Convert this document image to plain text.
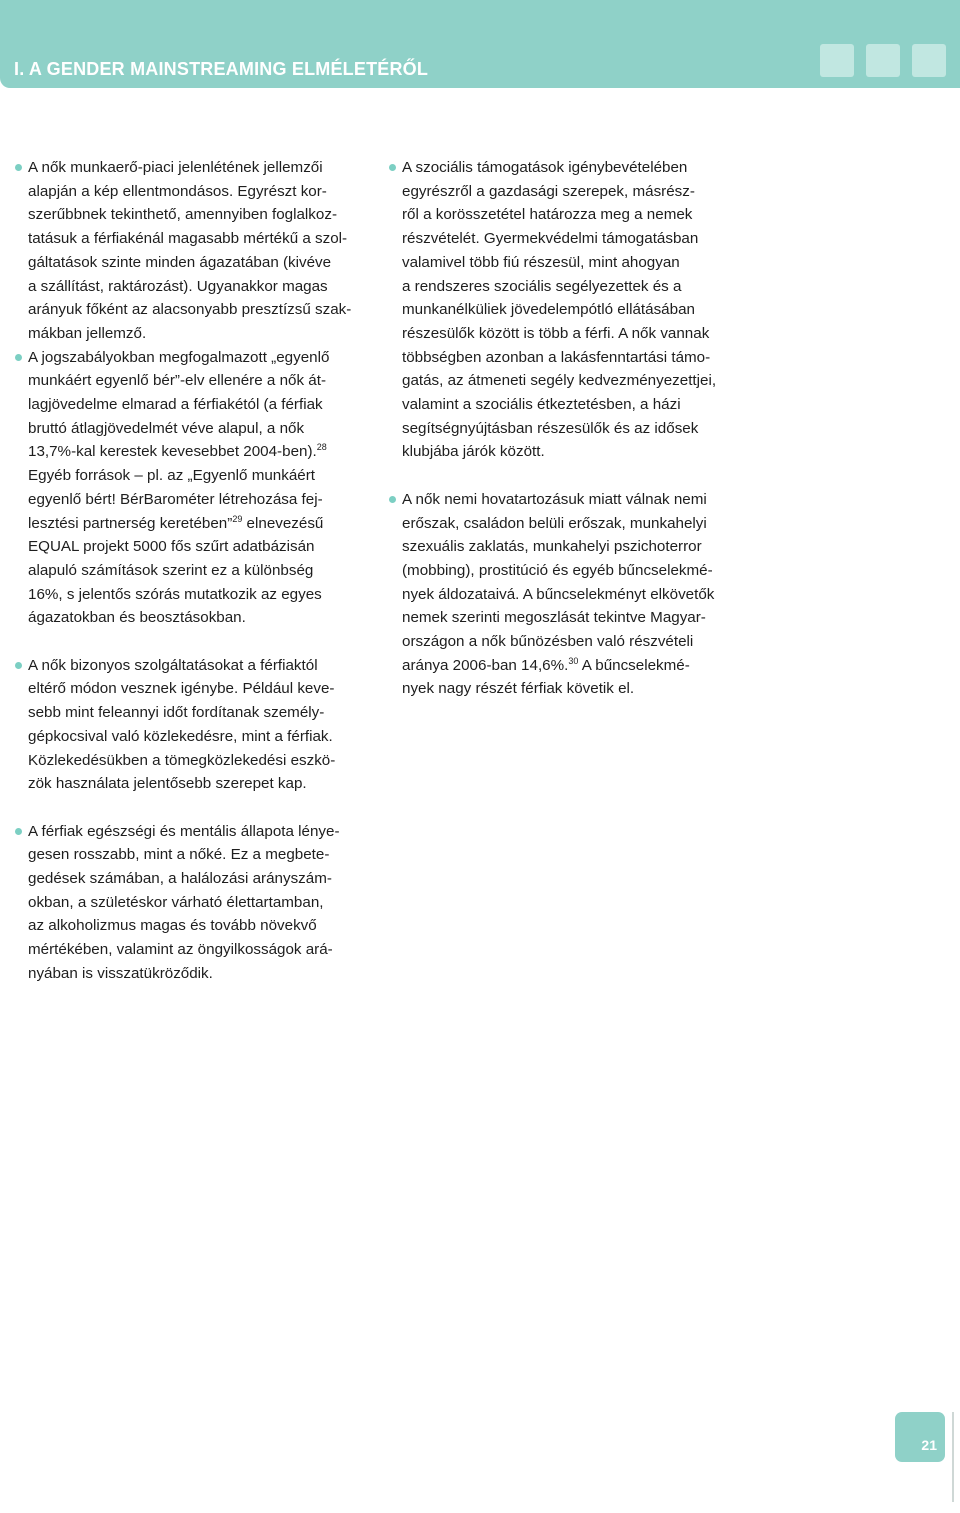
I. A GENDER MAINSTREAMING ELMÉLETÉRŐL
A nők munkaerő-piaci jelenlétének jellemzői
alapján a kép ellentmondásos. Egyrészt kor-
szerűbbnek tekinthető, amennyiben foglalkoz-
tatásuk a férfiakénál magasabb mértékű a szol-
gáltatások szinte minden ágazatában (kivéve
a szállítást, raktározást). Ugyanakkor magas
arányuk főként az alacsonyabb presztízsű szak-
mákban jellemző.
A jogszabályokban megfogalmazott „egyenlő
munkáért egyenlő bér”-elv ellenére a nők át-
lagjövedelme elmarad a férfiakétól (a férfiak
bruttó átlagjövedelmét véve alapul, a nők
13,7%-kal kerestek kevesebbet 2004-ben).$^{28}$
Egyéb források – pl. az „Egyenlő munkáért
egyenlő bért! BérBarométer létrehozása fej-
lesztési partnerség keretében”$^{29}$ elnevezésű
EQUAL projekt 5000 fős szűrt adatbázisán
alapuló számítások szerint ez a különbség
16%, s jelentős szórás mutatkozik az egyes
ágazatokban és beosztásokban.
A nők bizonyos szolgáltatásokat a férfiaktól
eltérő módon vesznek igénybe. Például keve-
sebb mint feleannyi időt fordítanak személy-
gépkocsival való közlekedésre, mint a férfiak.
Közlekedésükben a tömegközlekedési eszkö-
zök használata jelentősebb szerepet kap.
A férfiak egészségi és mentális állapota lénye-
gesen rosszabb, mint a nőké. Ez a megbete-
gedések számában, a halálozási arányszám-
okban, a születéskor várható élettartamban,
az alkoholizmus magas és tovább növekvő
mértékében, valamint az öngyilkosságok ará-
nyában is visszatükröződik.
A szociális támogatások igénybevételében
egyrészről a gazdasági szerepek, másrész-
ről a korösszetétel határozza meg a nemek
részvételét. Gyermekvédelmi támogatásban
valamivel több fiú részesül, mint ahogyan
a rendszeres szociális segélyezettek és a
munkanélküliek jövedelempótló ellátásában
részesülők között is több a férfi. A nők vannak
többségben azonban a lakásfenntartási támo-
gatás, az átmeneti segély kedvezményezettjei,
valamint a szociális étkeztetésben, a házi
segítségnyújtásban részesülők és az idősek
klubjába járók között.
A nők nemi hovatartozásuk miatt válnak nemi
erőszak, családon belüli erőszak, munkahelyi
szexuális zaklatás, munkahelyi pszichoterror
(mobbing), prostitúció és egyéb bűncselekmé-
nyek áldozataivá. A bűncselekményt elkövetők
nemek szerinti megoszlását tekintve Magyar-
országon a nők bűnözésben való részvételi
aránya 2006-ban 14,6%.$^{30}$ A bűncselekmé-
nyek nagy részét férfiak követik el.
21
